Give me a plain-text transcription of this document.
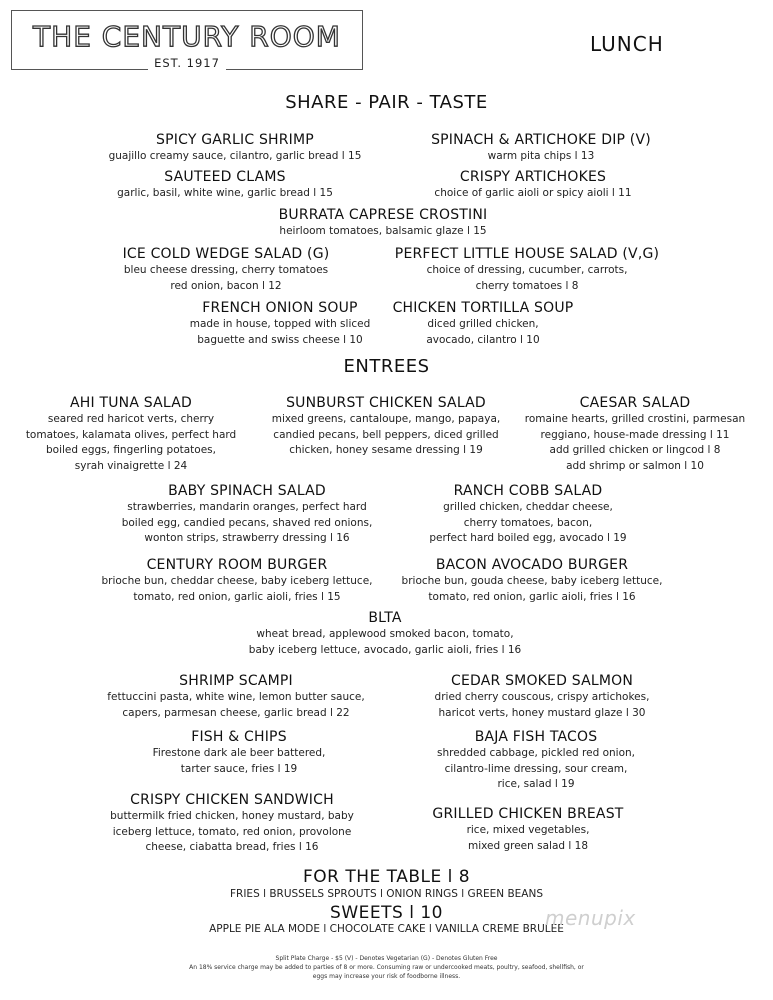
THE CENTURY ROOM
EST. 1917
LUNCH
SHARE - PAIR - TASTE
SPICY GARLIC SHRIMP
guajillo creamy sauce, cilantro, garlic bread l 15
SPINACH & ARTICHOKE DIP (V)
warm pita chips l 13
SAUTEED CLAMS
garlic, basil, white wine, garlic bread l 15
CRISPY ARTICHOKES
choice of garlic aioli or spicy aioli l 11
BURRATA CAPRESE CROSTINI
heirloom tomatoes, balsamic glaze l 15
ICE COLD WEDGE SALAD (G)
bleu cheese dressing, cherry tomatoes
red onion, bacon l 12
PERFECT LITTLE HOUSE SALAD (V,G)
choice of dressing, cucumber, carrots,
cherry tomatoes l 8
FRENCH ONION SOUP
made in house, topped with sliced
baguette and swiss cheese l 10
CHICKEN TORTILLA SOUP
diced grilled chicken,
avocado, cilantro l 10
AHI TUNA SALAD
seared red haricot verts, cherry
tomatoes, kalamata olives, perfect hard
boiled eggs, fingerling potatoes,
syrah vinaigrette l 24
SUNBURST CHICKEN SALAD
mixed greens, cantaloupe, mango, papaya,
candied pecans, bell peppers, diced grilled
chicken, honey sesame dressing l 19
CAESAR SALAD
romaine hearts, grilled crostini, parmesan
reggiano, house-made dressing l 11
add grilled chicken or lingcod l 8
add shrimp or salmon l 10
BABY SPINACH SALAD
strawberries, mandarin oranges, perfect hard
boiled egg, candied pecans, shaved red onions,
wonton strips, strawberry dressing l 16
RANCH COBB SALAD
grilled chicken, cheddar cheese,
cherry tomatoes, bacon,
perfect hard boiled egg, avocado l 19
CENTURY ROOM BURGER
brioche bun, cheddar cheese, baby iceberg lettuce,
tomato, red onion, garlic aioli, fries l 15
BACON AVOCADO BURGER
brioche bun, gouda cheese, baby iceberg lettuce,
tomato, red onion, garlic aioli, fries l 16
BLTA
wheat bread, applewood smoked bacon, tomato,
baby iceberg lettuce, avocado, garlic aioli, fries l 16
SHRIMP SCAMPI
fettuccini pasta, white wine, lemon butter sauce,
capers, parmesan cheese, garlic bread l 22
CEDAR SMOKED SALMON
dried cherry couscous, crispy artichokes,
haricot verts, honey mustard glaze l 30
FISH & CHIPS
Firestone dark ale beer battered,
tarter sauce, fries l 19
BAJA FISH TACOS
shredded cabbage, pickled red onion,
cilantro-lime dressing, sour cream,
rice, salad l 19
CRISPY CHICKEN SANDWICH
buttermilk fried chicken, honey mustard, baby
iceberg lettuce, tomato, red onion, provolone
cheese, ciabatta bread, fries l 16
GRILLED CHICKEN BREAST
rice, mixed vegetables,
mixed green salad l 18
ENTREES
FOR THE TABLE l 8
FRIES l BRUSSELS SPROUTS l ONION RINGS l GREEN BEANS
SWEETS l 10
APPLE PIE ALA MODE l CHOCOLATE CAKE l VANILLA CREME BRULEE
Split Plate Charge - $5 (V) - Denotes Vegetarian (G) - Denotes Gluten Free
An 18% service charge may be added to parties of 8 or more. Consuming raw or undercooked meats, poultry, seafood, shellfish, or
eggs may increase your risk of foodborne illness.
menupix
